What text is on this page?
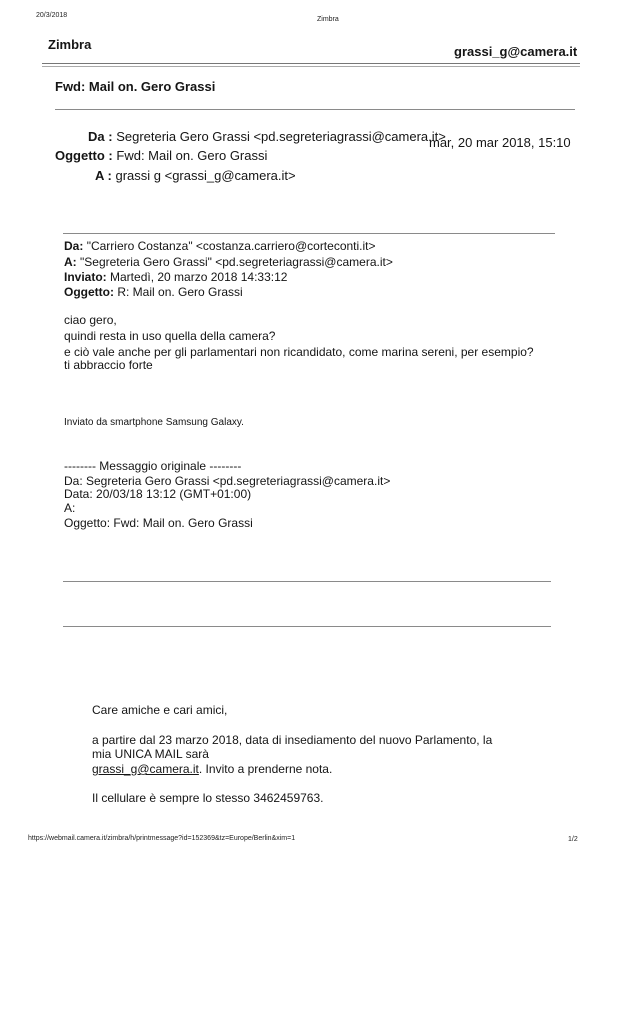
20/3/2018
Zimbra
Zimbra	grassi_g@camera.it
Fwd: Mail on. Gero Grassi
Da : Segreteria Gero Grassi <pd.segreteriagrassi@camera.it>
mar, 20 mar 2018, 15:10
Oggetto : Fwd: Mail on. Gero Grassi
A : grassi g <grassi_g@camera.it>
Da: "Carriero Costanza" <costanza.carriero@corteconti.it>
A: "Segreteria Gero Grassi" <pd.segreteriagrassi@camera.it>
Inviato: Martedì, 20 marzo 2018 14:33:12
Oggetto: R: Mail on. Gero Grassi
ciao gero,
quindi resta in uso quella della camera?
e ciò vale anche per gli parlamentari non ricandidato, come marina sereni, per esempio?
ti abbraccio forte
Inviato da smartphone Samsung Galaxy.
-------- Messaggio originale --------
Da: Segreteria Gero Grassi <pd.segreteriagrassi@camera.it>
Data: 20/03/18 13:12 (GMT+01:00)
A:
Oggetto: Fwd: Mail on. Gero Grassi
Care amiche e cari amici,
a partire dal 23 marzo 2018, data di insediamento del nuovo Parlamento, la
mia UNICA MAIL sarà
grassi_g@camera.it. Invito a prenderne nota.
Il cellulare è sempre lo stesso 3462459763.
https://webmail.camera.it/zimbra/h/printmessage?id=152369&tz=Europe/Berlin&xim=1	1/2
